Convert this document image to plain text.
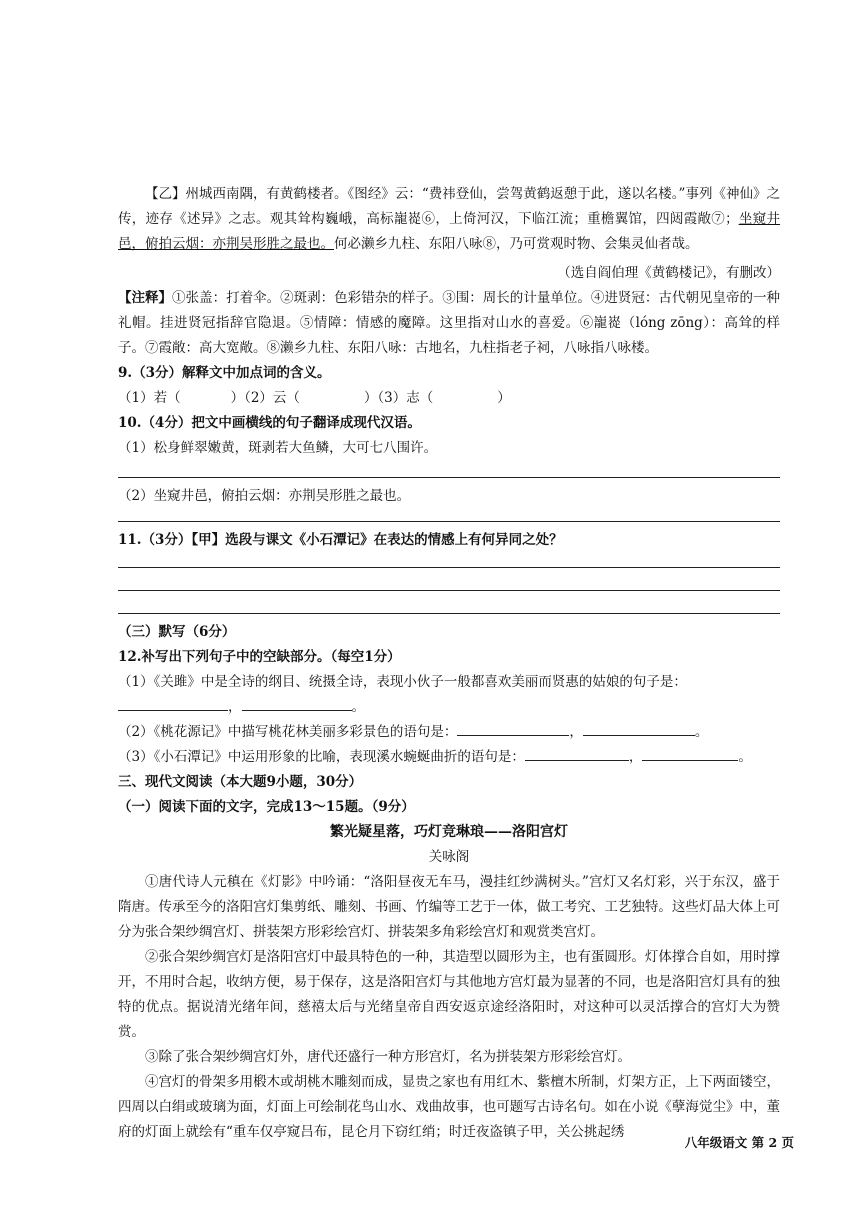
【乙】州城西南隅，有黄鹤楼者。《图经》云：“费祎登仙，尝驾黄鹤返憩于此，遂以名楼。”事列《神仙》之传，迹存《述异》之志。观其耸构巍峨，高标巃嵸⑥，上倚河汉，下临江流；重檐翼馆，四闼霞敞⑦；坐窥井邑，俯拍云烟：亦荆吴形胜之最也。何必濑乡九柱、东阳八咏⑧，乃可赏观时物、会集灵仙者哉。

（选自阎伯理《黄鹤楼记》，有删改）

【注释】①张盖：打着伞。②斑剥：色彩错杂的样子。③围：周长的计量单位。④进贤冠：古代朝见皇帝的一种礼帽。挂进贤冠指辞官隐退。⑤情障：情感的魔障。这里指对山水的喜爱。⑥巃嵸（lóng zōng）：高耸的样子。⑦霞敞：高大宽敞。⑧濑乡九柱、东阳八咏：古地名，九柱指老子祠，八咏指八咏楼。

9.（3分）解释文中加点词的含义。

（1）若（	）（2）云（	）（3）志（	）

10.（4分）把文中画横线的句子翻译成现代汉语。

（1）松身鲜翠嫩黄，斑剥若大鱼鳞，大可七八围许。

（2）坐窥井邑，俯拍云烟：亦荆吴形胜之最也。

11.（3分）【甲】选段与课文《小石潭记》在表达的情感上有何异同之处？

（三）默写（6分）

12.补写出下列句子中的空缺部分。（每空1分）

（1）《关雎》中是全诗的纲目、统摄全诗，表现小伙子一般都喜欢美丽而贤惠的姑娘的句子是：

，	。

（2）《桃花源记》中描写桃花林美丽多彩景色的语句是：	，	。

（3）《小石潭记》中运用形象的比喻，表现溪水蜿蜒曲折的语句是：	，	。

三、现代文阅读（本大题9小题，30分）

（一）阅读下面的文字，完成13～15题。（9分）

繁光疑星落，巧灯竞琳琅——洛阳宫灯

关咏阁

①唐代诗人元稹在《灯影》中吟诵：“洛阳昼夜无车马，漫挂红纱满树头。”宫灯又名灯彩，兴于东汉，盛于隋唐。传承至今的洛阳宫灯集剪纸、雕刻、书画、竹编等工艺于一体，做工考究、工艺独特。这些灯品大体上可分为张合架纱绸宫灯、拼装架方形彩绘宫灯、拼装架多角彩绘宫灯和观赏类宫灯。

②张合架纱绸宫灯是洛阳宫灯中最具特色的一种，其造型以圆形为主，也有蛋圆形。灯体撑合自如，用时撑开，不用时合起，收纳方便，易于保存，这是洛阳宫灯与其他地方宫灯最为显著的不同，也是洛阳宫灯具有的独特的优点。据说清光绪年间，慈禧太后与光绪皇帝自西安返京途经洛阳时，对这种可以灵活撑合的宫灯大为赞赏。

③除了张合架纱绸宫灯外，唐代还盛行一种方形宫灯，名为拼装架方形彩绘宫灯。

④宫灯的骨架多用椴木或胡桃木雕刻而成，显贵之家也有用红木、紫檀木所制，灯架方正，上下两面镂空，四周以白绢或玻璃为面，灯面上可绘制花鸟山水、戏曲故事，也可题写古诗名句。如在小说《孽海觉尘》中，董府的灯面上就绘有“重车仅亭窥吕布，昆仑月下窃红绡；时迁夜盗镇子甲，关公挑起绣

八年级语文 第 2 页
